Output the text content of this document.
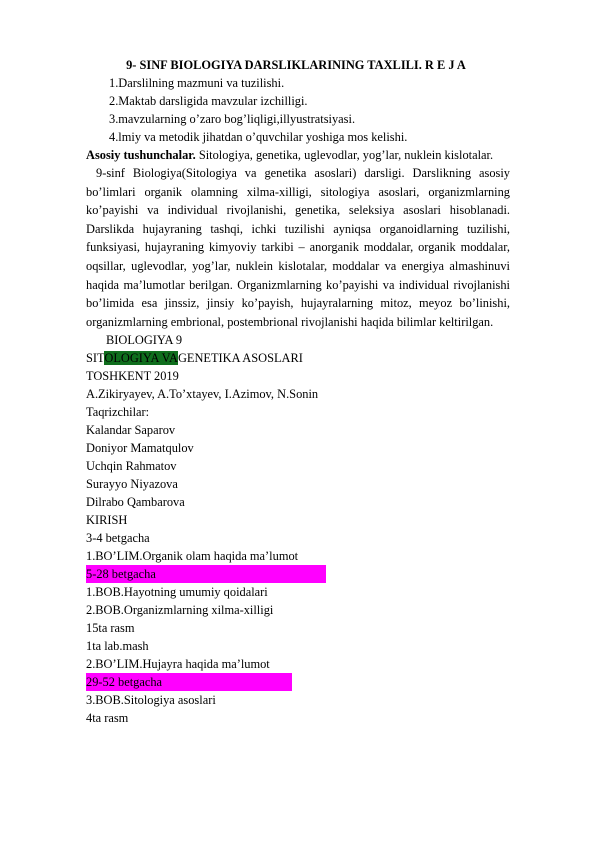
9- SINF BIOLOGIYA DARSLIKLARINING TAXLILI. R E J A
1.Darslilning mazmuni va tuzilishi.
2.Maktab darsligida mavzular izchilligi.
3.mavzularning o’zaro bog’liqligi,illyustratsiyasi.
4.lmiy va metodik jihatdan o’quvchilar yoshiga mos kelishi.
Asosiy tushunchalar. Sitologiya, genetika, uglevodlar, yog’lar, nuklein kislotalar.
9-sinf Biologiya(Sitologiya va genetika asoslari) darsligi. Darslikning asosiy bo’limlari organik olamning xilma-xilligi, sitologiya asoslari, organizmlarning ko’payishi va individual rivojlanishi, genetika, seleksiya asoslari hisoblanadi. Darslikda hujayraning tashqi, ichki tuzilishi ayniqsa organoidlarning tuzilishi, funksiyasi, hujayraning kimyoviy tarkibi – anorganik moddalar, organik moddalar, oqsillar, uglevodlar, yog’lar, nuklein kislotalar, moddalar va energiya almashinuvi haqida ma’lumotlar berilgan. Organizmlarning ko’payishi va individual rivojlanishi bo’limida esa jinssiz, jinsiy ko’payish, hujayralarning mitoz, meyoz bo’linishi, organizmlarning embrional, postembrional rivojlanishi haqida bilimlar keltirilgan.
BIOLOGIYA 9
SITOLOGIYA VAGENETIKA ASOSLARI
TOSHKENT 2019
A.Zikiryayev, A.To’xtayev, I.Azimov, N.Sonin
Taqrizchilar:
Kalandar Saparov
Doniyor Mamatqulov
Uchqin Rahmatov
Surayyo Niyazova
Dilrabo Qambarova
KIRISH
3-4 betgacha
1.BO’LIM.Organik olam haqida ma’lumot
5-28 betgacha
1.BOB.Hayotning umumiy qoidalari
2.BOB.Organizmlarning xilma-xilligi
15ta rasm
1ta lab.mash
2.BO’LIM.Hujayra haqida ma’lumot
29-52 betgacha
3.BOB.Sitologiya asoslari
4ta rasm
